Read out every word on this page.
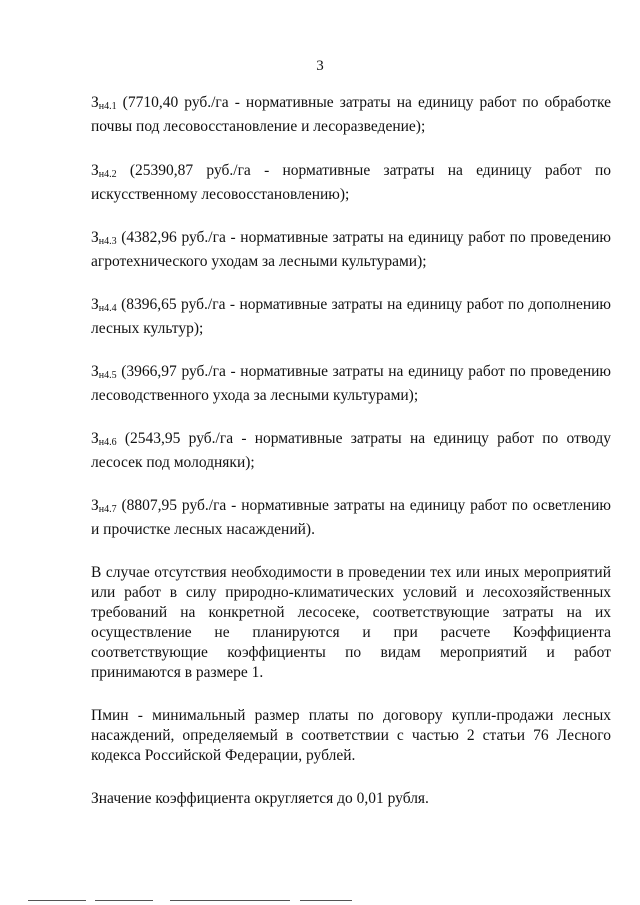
3

$З_{н4.1}$ (7710,40 руб./га - нормативные затраты на единицу работ по обработке почвы под лесовосстановление и лесоразведение);

$З_{н4.2}$ (25390,87 руб./га - нормативные затраты на единицу работ по искусственному лесовосстановлению);

$З_{н4.3}$ (4382,96 руб./га - нормативные затраты на единицу работ по проведению агротехнического уходам за лесными культурами);

$З_{н4.4}$ (8396,65 руб./га - нормативные затраты на единицу работ по дополнению лесных культур);

$З_{н4.5}$ (3966,97 руб./га - нормативные затраты на единицу работ по проведению лесоводственного ухода за лесными культурами);

$З_{н4.6}$ (2543,95 руб./га - нормативные затраты на единицу работ по отводу лесосек под молодняки);

$З_{н4.7}$ (8807,95 руб./га - нормативные затраты на единицу работ по осветлению и прочистке лесных насаждений).

В случае отсутствия необходимости в проведении тех или иных мероприятий или работ в силу природно-климатических условий и лесохозяйственных требований на конкретной лесосеке, соответствующие затраты на их осуществление не планируются и при расчете Коэффициента соответствующие коэффициенты по видам мероприятий и работ принимаются в размере 1.

Пмин - минимальный размер платы по договору купли-продажи лесных насаждений, определяемый в соответствии с частью 2 статьи 76 Лесного кодекса Российской Федерации, рублей.

Значение коэффициента округляется до 0,01 рубля.
